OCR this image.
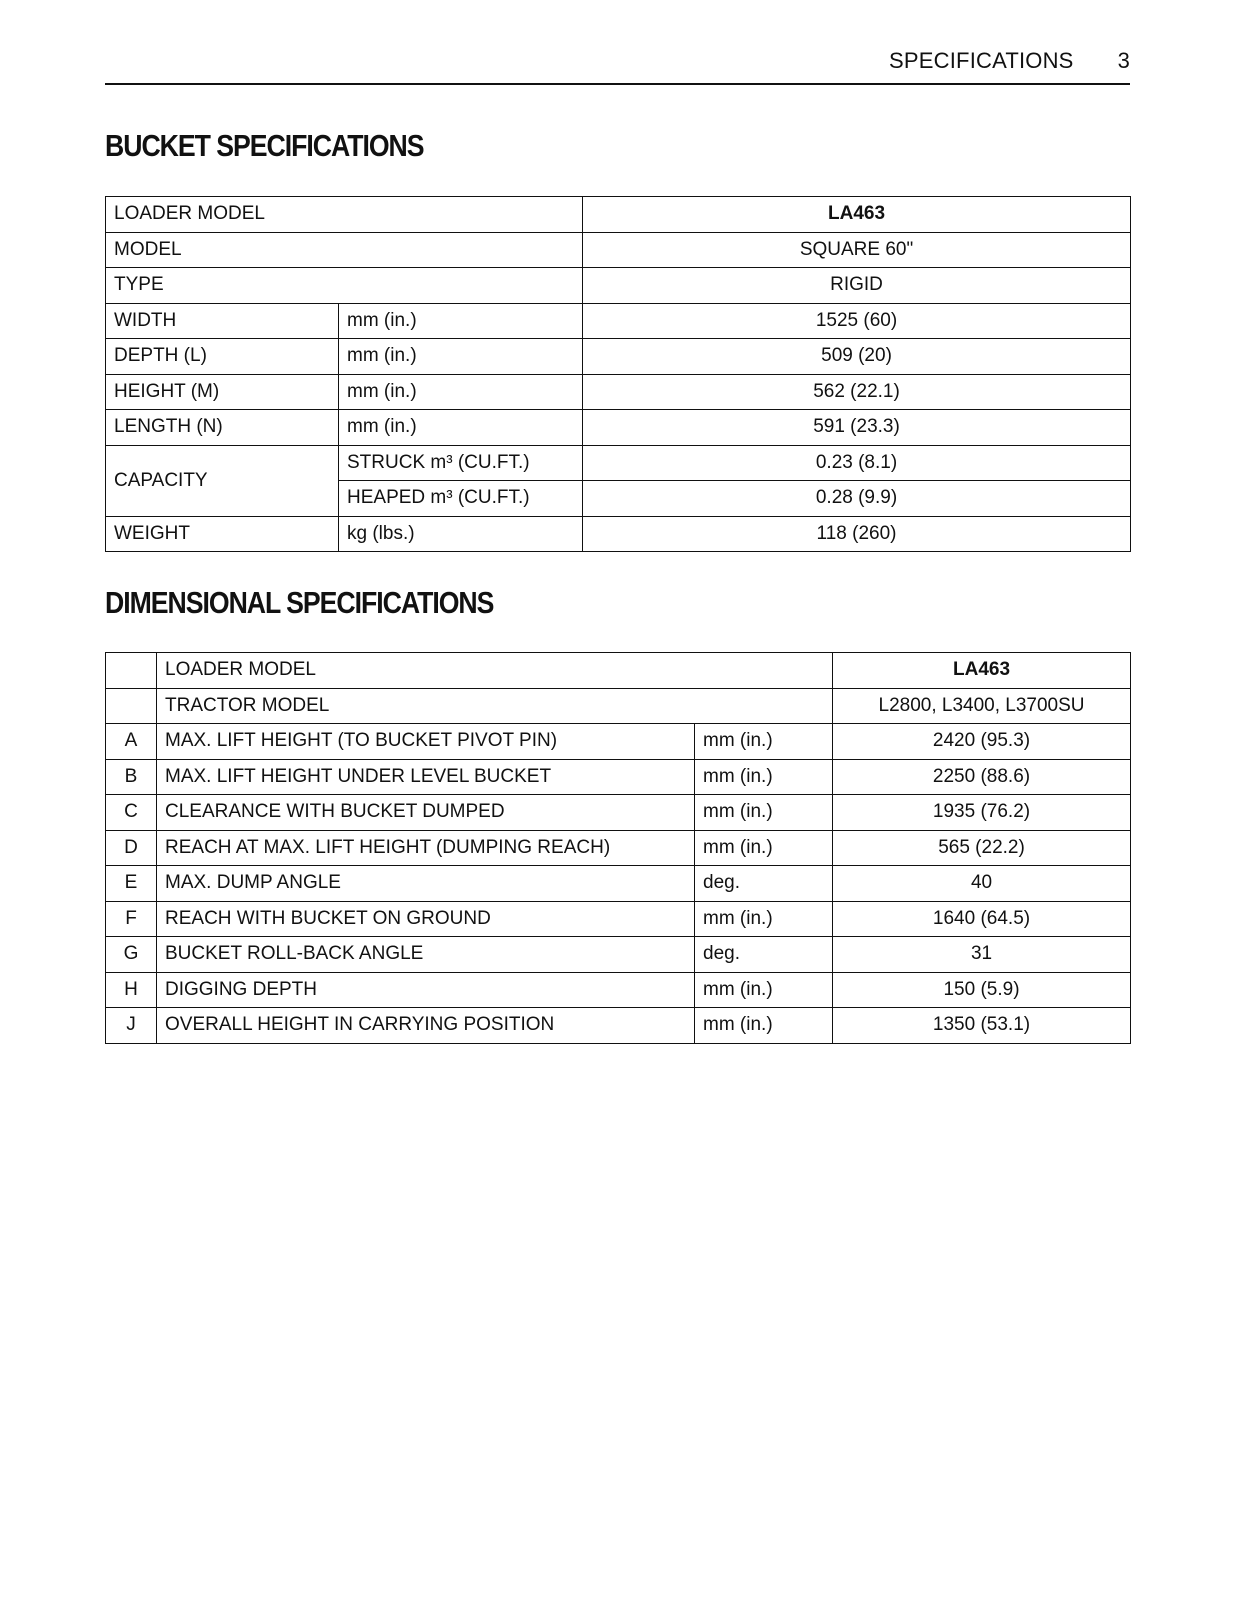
SPECIFICATIONS 3
BUCKET SPECIFICATIONS
LOADER MODEL		LA463
MODEL		SQUARE 60"
TYPE		RIGID
WIDTH	mm (in.)	1525 (60)
DEPTH (L)	mm (in.)	509 (20)
HEIGHT (M)	mm (in.)	562 (22.1)
LENGTH (N)	mm (in.)	591 (23.3)
CAPACITY	STRUCK m³ (CU.FT.)	0.23 (8.1)
	HEAPED m³ (CU.FT.)	0.28 (9.9)
WEIGHT	kg (lbs.)	118 (260)
DIMENSIONAL SPECIFICATIONS
	LOADER MODEL		LA463
	TRACTOR MODEL		L2800, L3400, L3700SU
A	MAX. LIFT HEIGHT (TO BUCKET PIVOT PIN)	mm (in.)	2420 (95.3)
B	MAX. LIFT HEIGHT UNDER LEVEL BUCKET	mm (in.)	2250 (88.6)
C	CLEARANCE WITH BUCKET DUMPED	mm (in.)	1935 (76.2)
D	REACH AT MAX. LIFT HEIGHT (DUMPING REACH)	mm (in.)	565 (22.2)
E	MAX. DUMP ANGLE	deg.	40
F	REACH WITH BUCKET ON GROUND	mm (in.)	1640 (64.5)
G	BUCKET ROLL-BACK ANGLE	deg.	31
H	DIGGING DEPTH	mm (in.)	150 (5.9)
J	OVERALL HEIGHT IN CARRYING POSITION	mm (in.)	1350 (53.1)
